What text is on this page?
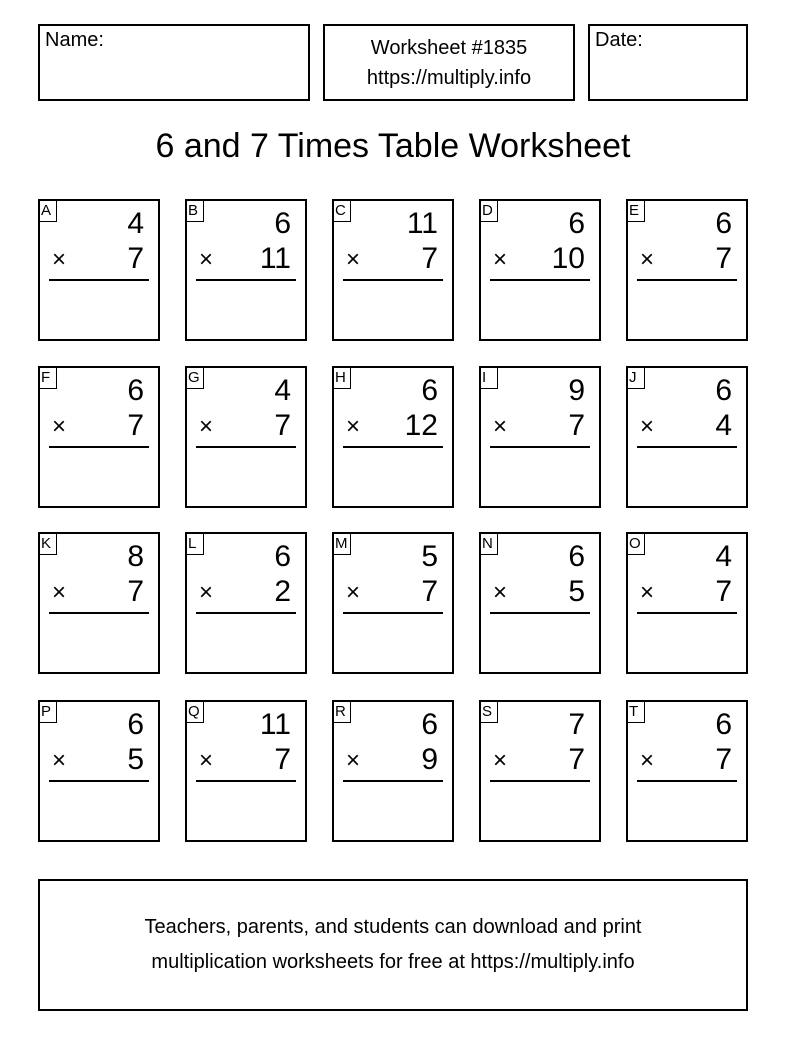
Name:	Worksheet #1835
https://multiply.info
Date:
6 and 7 Times Table Worksheet
A	4
× 7
B	6
× 11
C 11
× 7
D	6
× 10
E	6
× 7
F	6
× 7
G 4
× 7
H	6
× 12
I	9
× 7
J	6
× 4
K	8
× 7
L	6
× 2
M 5
× 7
N	6
× 5
O 4
× 7
P	6
× 5
Q 11
× 7
R	6
× 9
S	7
× 7
T	6
× 7
Teachers, parents, and students can download and print
multiplication worksheets for free at https://multiply.info
